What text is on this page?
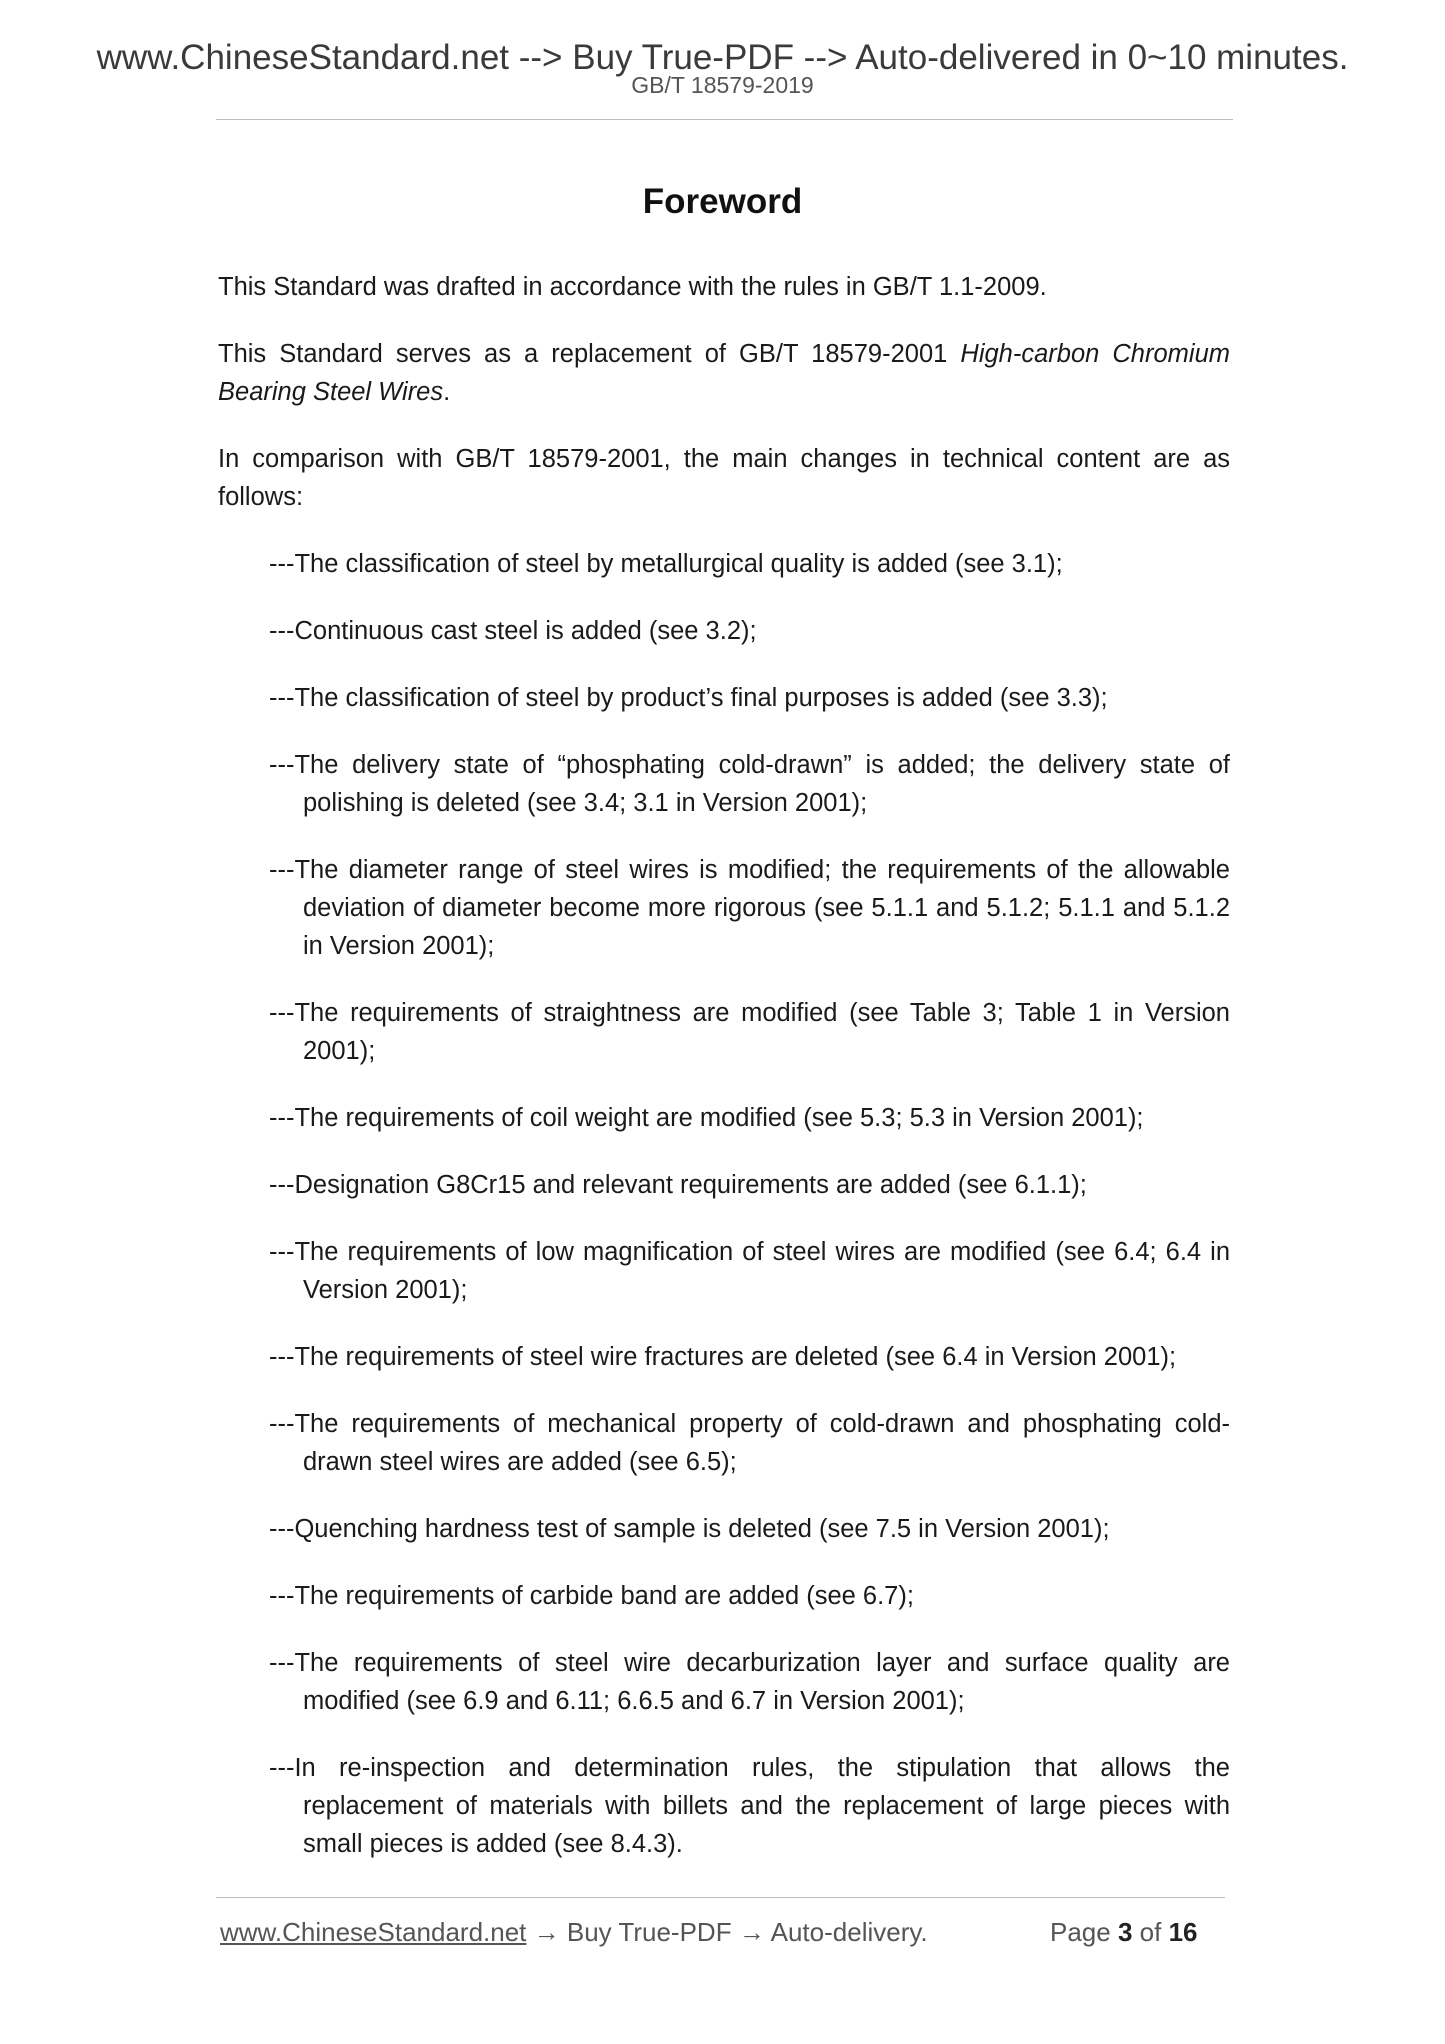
www.ChineseStandard.net --> Buy True-PDF --> Auto-delivered in 0~10 minutes.
GB/T 18579-2019
Foreword

This Standard was drafted in accordance with the rules in GB/T 1.1-2009.

This Standard serves as a replacement of GB/T 18579-2001 High-carbon Chromium Bearing Steel Wires.

In comparison with GB/T 18579-2001, the main changes in technical content are as follows:

---The classification of steel by metallurgical quality is added (see 3.1);
---Continuous cast steel is added (see 3.2);
---The classification of steel by product’s final purposes is added (see 3.3);
---The delivery state of “phosphating cold-drawn” is added; the delivery state of polishing is deleted (see 3.4; 3.1 in Version 2001);
---The diameter range of steel wires is modified; the requirements of the allowable deviation of diameter become more rigorous (see 5.1.1 and 5.1.2; 5.1.1 and 5.1.2 in Version 2001);
---The requirements of straightness are modified (see Table 3; Table 1 in Version 2001);
---The requirements of coil weight are modified (see 5.3; 5.3 in Version 2001);
---Designation G8Cr15 and relevant requirements are added (see 6.1.1);
---The requirements of low magnification of steel wires are modified (see 6.4; 6.4 in Version 2001);
---The requirements of steel wire fractures are deleted (see 6.4 in Version 2001);
---The requirements of mechanical property of cold-drawn and phosphating cold-drawn steel wires are added (see 6.5);
---Quenching hardness test of sample is deleted (see 7.5 in Version 2001);
---The requirements of carbide band are added (see 6.7);
---The requirements of steel wire decarburization layer and surface quality are modified (see 6.9 and 6.11; 6.6.5 and 6.7 in Version 2001);
---In re-inspection and determination rules, the stipulation that allows the replacement of materials with billets and the replacement of large pieces with small pieces is added (see 8.4.3).
www.ChineseStandard.net → Buy True-PDF → Auto-delivery.	Page 3 of 16
